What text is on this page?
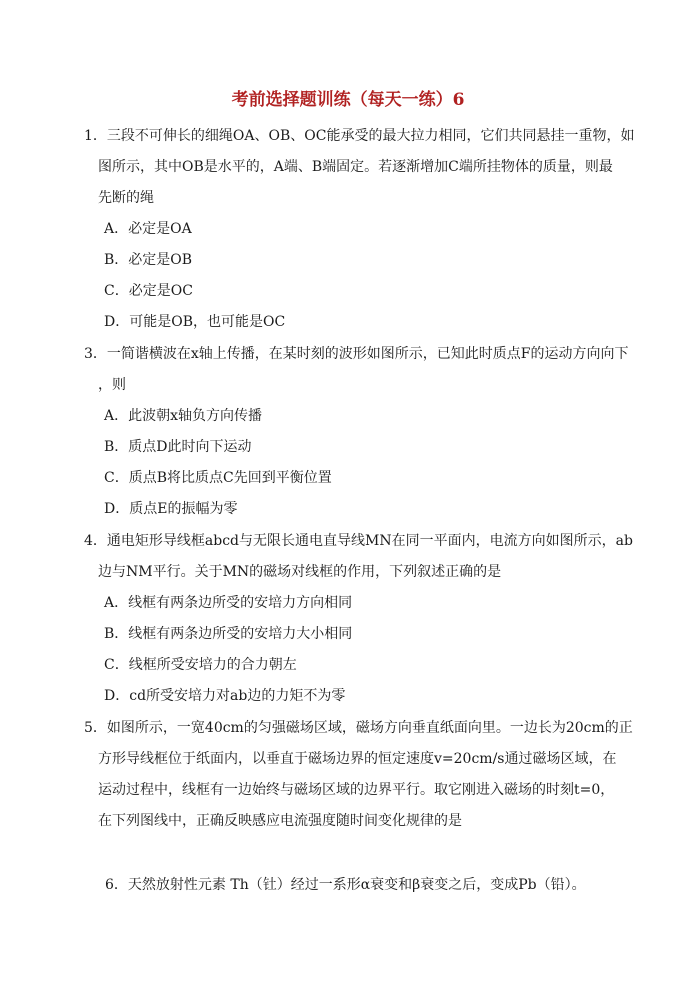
考前选择题训练（每天一练）6
1．三段不可伸长的细绳OA、OB、OC能承受的最大拉力相同，它们共同悬挂一重物，如
图所示，其中OB是水平的，A端、B端固定。若逐渐增加C端所挂物体的质量，则最
先断的绳
A．必定是OA
B．必定是OB
C．必定是OC
D．可能是OB，也可能是OC
3．一简谐横波在x轴上传播，在某时刻的波形如图所示，已知此时质点F的运动方向向下
，则
A．此波朝x轴负方向传播
B．质点D此时向下运动
C．质点B将比质点C先回到平衡位置
D．质点E的振幅为零
4．通电矩形导线框abcd与无限长通电直导线MN在同一平面内，电流方向如图所示，ab
边与NM平行。关于MN的磁场对线框的作用，下列叙述正确的是
A．线框有两条边所受的安培力方向相同
B．线框有两条边所受的安培力大小相同
C．线框所受安培力的合力朝左
D．cd所受安培力对ab边的力矩不为零
5．如图所示，一宽40cm的匀强磁场区域，磁场方向垂直纸面向里。一边长为20cm的正
方形导线框位于纸面内，以垂直于磁场边界的恒定速度v=20cm/s通过磁场区域，在
运动过程中，线框有一边始终与磁场区域的边界平行。取它刚进入磁场的时刻t=0，
在下列图线中，正确反映感应电流强度随时间变化规律的是
6．天然放射性元素 Th（钍）经过一系形α衰变和β衰变之后，变成Pb（铅）。
